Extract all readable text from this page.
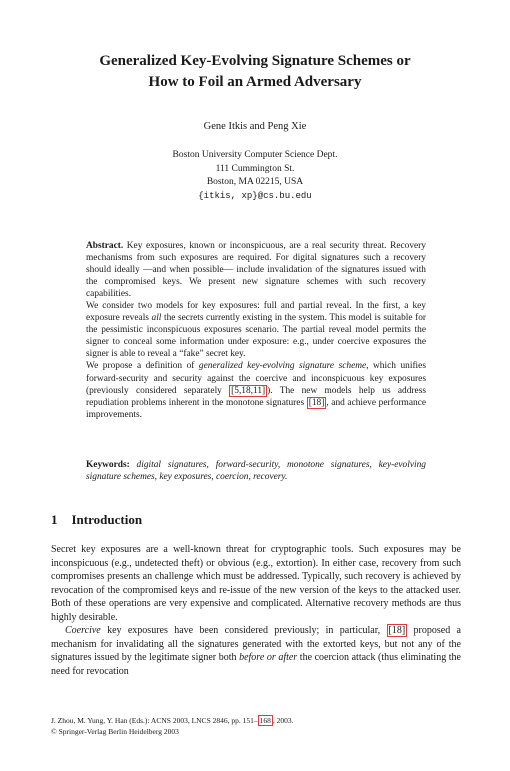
Generalized Key-Evolving Signature Schemes or
How to Foil an Armed Adversary
Gene Itkis and Peng Xie
Boston University Computer Science Dept.
111 Cummington St.
Boston, MA 02215, USA
{itkis, xp}@cs.bu.edu

Abstract. Key exposures, known or inconspicuous, are a real security threat. Recovery mechanisms from such exposures are required. For digital signatures such a recovery should ideally —and when possible— include invalidation of the signatures issued with the compromised keys. We present new signature schemes with such recovery capabilities.

We consider two models for key exposures: full and partial reveal. In the first, a key exposure reveals all the secrets currently existing in the system. This model is suitable for the pessimistic inconspicuous exposures scenario. The partial reveal model permits the signer to conceal some information under exposure: e.g., under coercive exposures the signer is able to reveal a “fake” secret key.

We propose a definition of generalized key-evolving signature scheme, which unifies forward-security and security against the coercive and inconspicuous key exposures (previously considered separately [5,18,11] ). The new models help us address repudiation problems inherent in the monotone signatures [18] , and achieve performance improvements.

Keywords: digital signatures, forward-security, monotone signatures, key-evolving signature schemes, key exposures, coercion, recovery.
1 Introduction

Secret key exposures are a well-known threat for cryptographic tools. Such exposures may be inconspicuous (e.g., undetected theft) or obvious (e.g., extortion). In either case, recovery from such compromises presents an challenge which must be addressed. Typically, such recovery is achieved by revocation of the compromised keys and re-issue of the new version of the keys to the attacked user. Both of these operations are very expensive and complicated. Alternative recovery methods are thus highly desirable.

Coercive key exposures have been considered previously; in particular, [18] proposed a mechanism for invalidating all the signatures generated with the extorted keys, but not any of the signatures issued by the legitimate signer both before or after the coercion attack (thus eliminating the need for revocation

J. Zhou, M. Yung, Y. Han (Eds.): ACNS 2003, LNCS 2846, pp. 151– 168 , 2003.
© Springer-Verlag Berlin Heidelberg 2003
